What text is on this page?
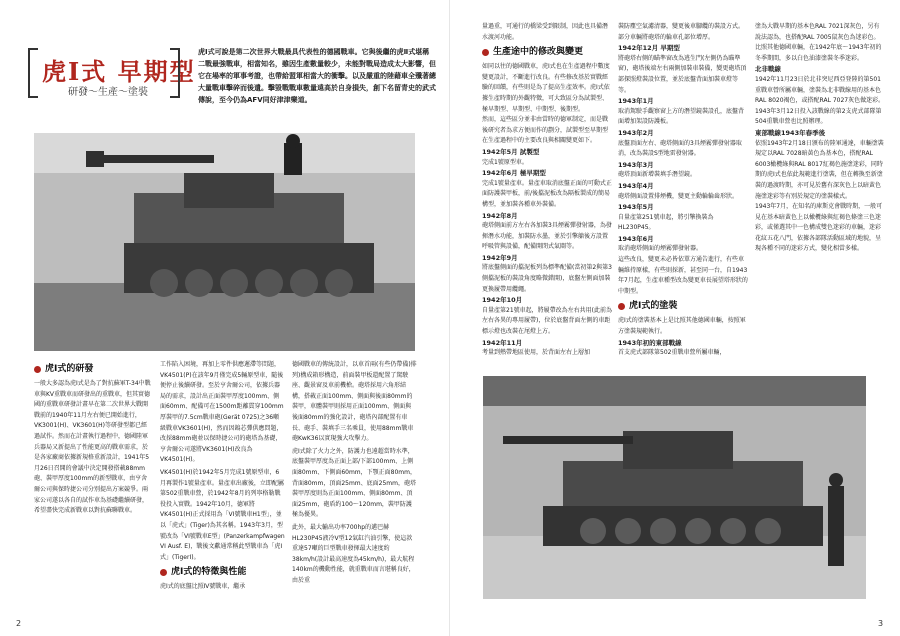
虎Ⅰ式 早期型
研發～生產～塗裝
虎Ⅰ式可說是第二次世界大戰最具代表性的德國戰車。它與後繼的虎Ⅱ式堪稱二戰最強戰車，相當知名，雖因生產數量較少，未能對戰局造成太大影響，但它在場率的軍事考證，也帶給盟軍相當大的衝擊。以及嚴重的陸藉車全殲著總大量戰車擊碎而後遺。擊毀戰戰車數量遠高於自身損失，創下名留青史的武式傳說，至今仍為AFV同好津津樂道。
虎Ⅰ式的研發

一般大多認為虎Ⅰ式是為了對抗蘇軍T-34中戰車與KV重戰車而研發出的重戰車，但其實德國的重戰車研發計畫早在第二次世界大戰開戰前的1940年11月左右便已開始進行，VK3001(H)、VK3601(H)等研發型都已經過試作。然而在計畫執行過程中，德國陸軍兵器局又新提出了性能更高的戰車需求，於是各家廠商依據新規格重新設計，1941年5月26日召開的會議中決定開發搭載88mm砲、裝甲厚度100mm的新型戰車，由亨舍爾公司與保時捷公司分別提出方案競爭。兩家公司遂以各自的試作車為基礎繼續研發，希望盡快完成新戰車以對抗蘇聯戰車。

工作陷入困境，再加上零件供應遲滯等問題，VK4501(P)在該年9月僅完成5輛原型車，隨後便停止後續研發。至於亨舍爾公司，依據兵器局的需求，設計出正面裝甲厚度100mm、側面60mm、配備可在1500m距離貫穿100mm厚裝甲的7.5cm戰車砲(Gerät 0725)之36噸級戰車VK3601(H)，然而因鎢芯彈供應問題，改採88mm砲並以保時捷公司的砲塔為基礎，亨舍爾公司遂將VK3601(H)改良為VK4501(H)。

VK4501(H)於1942年5月完成1號原型車，6月再製作1號量產車。量產車出廠後，立即配屬第502重戰車營，於1942年8月的列寧格勒戰役投入實戰。1942年10月，德軍將VK4501(H)正式採用為「VI號戰車H1型」，並以「虎式」(Tiger)為其名稱。1943年3月，型號改為「VI號戰車E型」(Panzerkampfwagen VI Ausf. E)，戰後文獻通常稱此型戰車為「虎Ⅰ式」(TigerⅠ)。

虎Ⅰ式的特徵與性能

虎Ⅰ式的底盤比照Ⅳ號戰車，繼承

德國戰車的傳統設計，以車首兩(有些仍帶備)排列)構成箱形構造，前面裝甲板還配置了駕駛座、觀景窗及車前機槍。砲塔採用六角形結構，搭載正面100mm、側面與後面80mm的裝甲，車體裝甲則採用正面100mm、側面與後面80mm的強化設計，砲塔內部配置有車長、砲手、裝填手三名乘員，使用88mm戰車砲KwK36以實現強大攻擊力。

虎Ⅰ式除了火力之外，防護力也遠超當時水準，底盤裝甲厚度為正面上部/下部100mm、上側面80mm、下側面60mm，下顎正面80mm，背面80mm，頂面25mm、底面25mm，砲塔裝甲厚度則為正面100mm、側面80mm、頂面25mm，砲盾約100～120mm，裝甲防護極為優異。

此外，最大輸出功率700hp的邁巴赫HL230P45液冷V型12氣缸汽油引擎，使這款重達57噸的巨型戰車發揮最大速度約38km/h(設計最高速度為45km/h)，最大航程140km的機動性能，就重戰車而言堪稱良好，由於重

2

量過重，可通行的橋梁受到限制，因此也具備潛水渡河功能。

生產途中的修改與變更

如同以往的德國戰車，虎Ⅰ式也在生產過程中數度變更設計，不斷進行改良。有些修改基於實戰經驗的回饋，有些則是為了提高生產效率。虎Ⅰ式依據生產時期的外觀特徵，可大致區分為試製型、極早期型、早期型、中期型、後期型。

然而，這些區分並非由當時的德軍制定，而是戰後研究者為求方便而作的劃分，試製型至早期型在生產過程中的主要改良與相關變更如下。

1942年5月 試製型

完成1號原型車。

1942年6月 極早期型

完成1號量產車。量產車取消底盤正面的可動式正面防護裝甲板，前/後擋泥板改為隔板製成的簡易構型，並加裝各種車外裝備。

1942年8月

砲塔側面前方左右各加裝3具煙霧彈發射器，為發揮潛水功能，加裝防水墨，並於引擎艙後方設置呼吸管與設備，配備開閉式氣閘等。

1942年9月

將底盤側面的擋泥板列為標準配備(當初第2與第3側擋泥板的裝設角度略微錯開)，底盤左側面加裝更換履帶用纜繩。

1942年10月

自量產第21號車起，將履帶改為左右共用(此前為左右各異的專用履帶)，位於底盤背面左側的車距標示燈也改裝在尾燈上方。

1942年11月

考量到熱帶地區使用，於背面左右上層加

裝防塵空氣濾清器，變更後車腳纜的裝設方式。部分車輛將砲塔的輪車孔部位增厚。

1942年12月 早期型

將砲塔右側的瞄準窗改為逃生門(左側仍為瞄準窗)，砲塔後端左右兩側加裝車裝備，變更砲塔頂部探照燈裝設位置，並於底盤背面加裝車燈等等。

1943年1月

取消駕駛手觀察窗上方的潛望鏡裝設孔，底盤背面增加架設防護板。

1943年2月

底盤頂面左右、砲塔側面的3具煙霧彈發射器取消，改為裝設S型地雷發射器。

1943年3月

砲塔頂面新增裝填手潛望鏡。

1943年4月

砲塔側面設置排煙機，變更主動輪輪齒形狀。

1943年5月

自量產第251號車起，將引擎換裝為HL230P45。

1943年6月

取消砲塔側面的煙霧彈發射器。

這些改良，變更未必皆依單方通告進行，有些車輛維持原樣，有些則採新，甚至同一台，自1943年7月起，生產車種型改為變更車長展望塔形狀的中期型。

虎Ⅰ式的塗裝

虎Ⅰ式的塗裝基本上是比照其他德國車輛，按照軍方塗裝規範執行。

1943年初的東部戰線

首支虎式部隊第502重戰車營所屬車輛，

塗為大戰早期的基本色RAL 7021深灰色，另有說法認為，也搭配RAL 7005鼠灰色為迷彩色。比照其他德國車輛，在1942年底～1943年初的冬季期間，多以白色油漆塗裝冬季迷彩。

北非戰線

1942年11月23日於北非突尼西亞登陸的第501重戰車營所屬車輛，塗裝為北非戰線用的基本色RAL 8020褐色，或搭配RAL 7027灰色做迷彩。1943年3月12日投入該戰線的第2支虎式部隊第504重戰車營也比照辦理。

東部戰線1943年春季後

依照1943年2月18日頒布的陸軍通達，車輛塗裝規定以RAL 7028暗黃色為基本色，搭配RAL 6003橄欖綠與RAL 8017紅褐色施塗迷彩，同時期的虎Ⅰ式也依此規範進行塗裝，但在轉換至新塗裝的過渡時期，亦可見於舊有深灰色上以暗黃色施塗迷彩等有別於規定的塗裝樣式。

1943年7月，在知名的庫斯克會戰時期，一般可見在基本暗黃色上以橄欖綠與紅褐色條塗三色迷彩，或僅選其中一色構成雙色迷彩的車輛，迷彩花紋五花八門，依據各部隊活動區域的地貌，呈現各種不同的迷彩方式，變化相當多樣。

3
